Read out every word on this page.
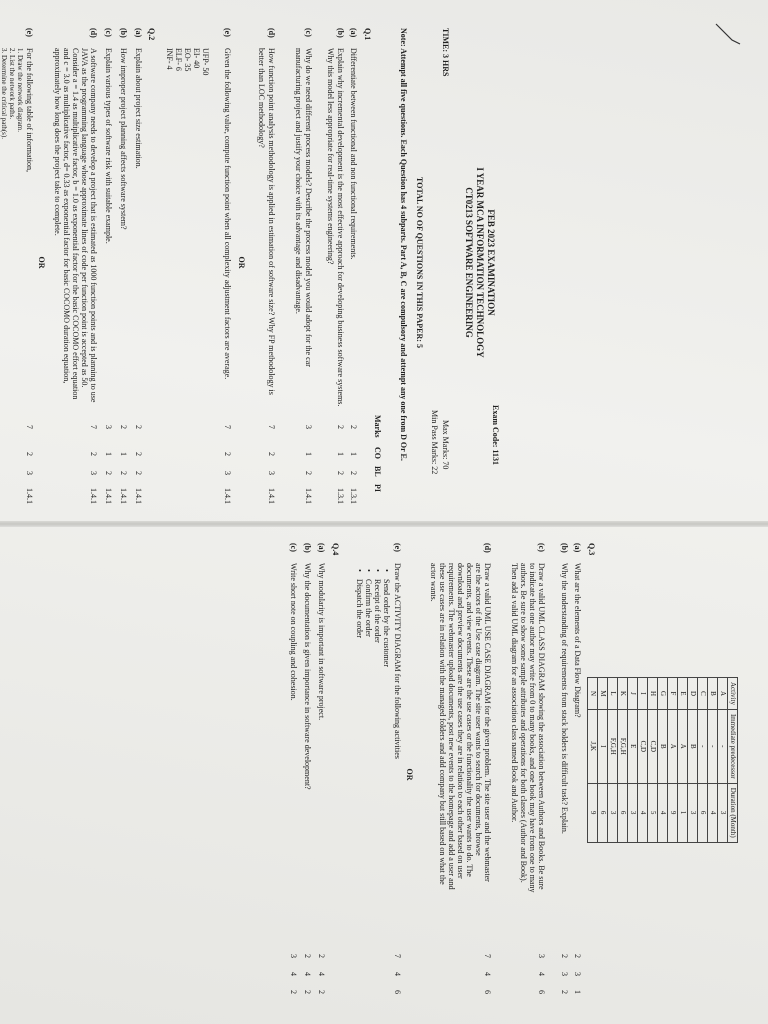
FEB 2023 EXAMINATION
I YEAR MCA INFORMATION TECHNOLOGY
CT0213 SOFTWARE ENGINEERING
Exam Code: 1131
TIME: 3 HRS
Max Marks: 70
Min Pass Marks: 22
TOTAL NO OF QUESTIONS IN THIS PAPER: 5
Note: Attempt all five questions. Each Question has 4 subparts. Part A, B, C are compulsory and attempt any one from D Or E.
Marks
CO
BL
PI
Q.1
(a)
Differentiate between functional and non functional requirements.
2
1
2
1.3.1
(b)
Explain why incremental development is the most effective approach for developing business software systems. Why this model less appropriate for real-time systems engineering?
2
1
2
1.3.1
(c)
Why do we need different process models? Describe the process model you would adopt for the car manufacturing project and justify your choice with its advantage and disadvantage.
3
1
2
1.4.1
(d)
How function point analysis methodology is applied in estimation of software size? Why FP methodology is better than LOC methodology?
7
2
3
1.4.1
OR
(e)
Given the following value, compute function point when all complexity adjustment factors are average.
7
2
3
1.4.1
UFP- 50
EI- 40
EO- 35
ELF- 6
INF- 4
Q.2
(a)
Explain about project size estimation.
2
2
2
1.4.1
(b)
How improper project planning affects software system?
2
1
2
1.4.1
(c)
Explain various types of software risk with suitable example.
3
1
2
1.4.1
(d)
A software company needs to develop a project that is estimated as 1000 function points and is planning to use JAVA as the programming language whose approximate lines of code per function point is accepted as 50. Consider a = 1.4 as multiplicative factor, b = 1.0 as exponential factor for the basic COCOMO effort equation and c = 3.0 as multiplicative factor, d= 0.33 as exponential factor for basic COCOMO duration equation, approximately how long does the project take to complete.
7
2
3
1.4.1
OR
(e)
For the following table of information,
7
2
3
1.4.1
1. Draw the network diagram.
2. List the network paths.
3. Determine the critical path(s).
Activity	Immediate predecessor	Duration (Month)
A	-	3
B	-	4
C	-	6
D	B	3
E	A	1
F	A	9
G	B	4
H	C,D	5
I	C,D	4
J	E	3
K	F,G,H	6
L	F,G,H	3
M	I	6
N	J,K	9
Q.3
(a)
What are the elements of a Data Flow Diagram?
2
3
1
(b)
Why the understanding of requirements from stack holders is difficult task? Explain.
2
3
2
(c)
Draw a valid UML CLASS DIAGRAM showing the association between Authors and Books. Be sure to indicate that one author may write from 0 to many books, and one book may have from one to many authors. Be sure to show some sample attributes and operations for both classes (Author and Book). Then add a valid UML diagram for an association class named Book and Author.
3
4
6
(d)
Draw a valid UML USE CASE DIAGRAM for the given problem. The site user and the webmaster are the actors of the Use case diagram. The site user wants to search for documents, browse documents, and view events. These are the use cases or the functionality the user wants to do. The download and preview documents are the use cases they are in relation to each other based on user requirements. The webmaster upload documents, post new events to the homepage and add a user and these use cases are in relation with the managed folders and add company but still based on what the actor wants.
7
4
6
OR
(e)
Draw the ACTIVITY DIAGRAM for the following activities
7
4
6
• Send order by the customer
• Receipt of the order
• Confirm the order
• Dispatch the order
Q.4
(a)
Why modularity is important in software project.
2
4
2
(b)
Why the documentation is given importance in software development?
2
4
2
(c)
Write short note on coupling and cohesion.
3
4
2
